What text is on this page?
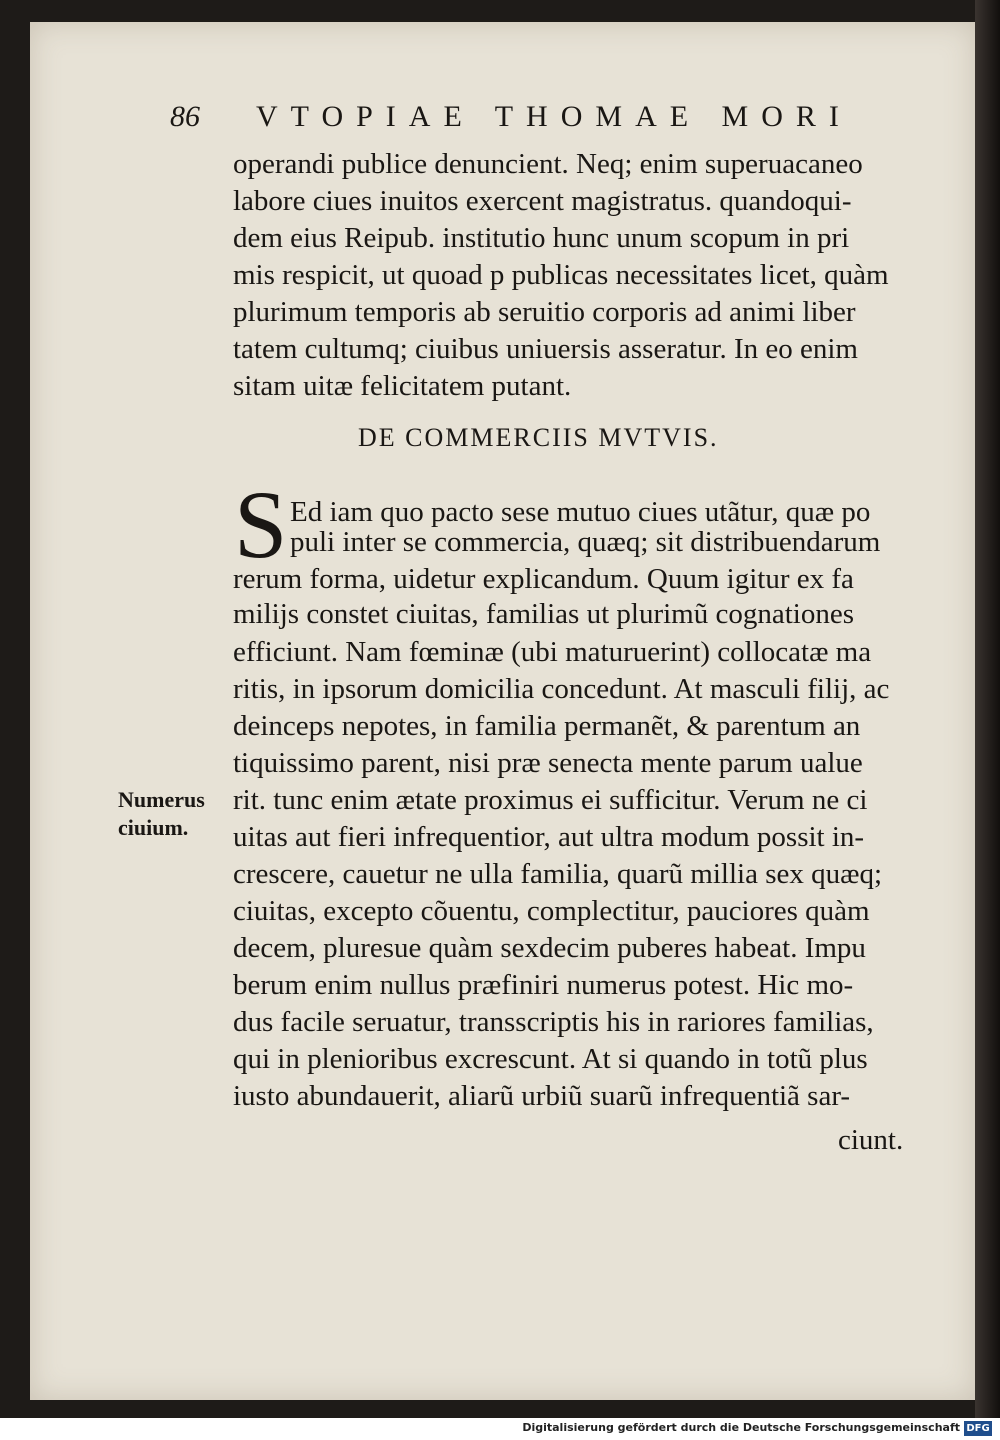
86 VTOPIAE THOMAE MORI
operandi publice denuncient. Neq; enim superuacaneo
labore ciues inuitos exercent magistratus. quandoqui-
dem eius Reipub. institutio hunc unum scopum in pri
mis respicit, ut quoad p publicas necessitates licet, quàm
plurimum temporis ab seruitio corporis ad animi liber
tatem cultumq; ciuibus uniuersis asseratur. In eo enim
sitam uitæ felicitatem putant.
DE COMMERCIIS MVTVIS.
S Ed iam quo pacto sese mutuo ciues utãtur, quæ po
puli inter se commercia, quæq; sit distribuendarum
rerum forma, uidetur explicandum. Quum igitur ex fa
milijs constet ciuitas, familias ut plurimũ cognationes
efficiunt. Nam fœminæ (ubi maturuerint) collocatæ ma
ritis, in ipsorum domicilia concedunt. At masculi filij, ac
deinceps nepotes, in familia permanẽt, & parentum an
tiquissimo parent, nisi præ senecta mente parum ualue
rit. tunc enim ætate proximus ei sufficitur. Verum ne ci
uitas aut fieri infrequentior, aut ultra modum possit in-
crescere, cauetur ne ulla familia, quarũ millia sex quæq;
ciuitas, excepto cõuentu, complectitur, pauciores quàm
decem, pluresue quàm sexdecim puberes habeat. Impu
berum enim nullus præfiniri numerus potest. Hic mo-
dus facile seruatur, transscriptis his in rariores familias,
qui in plenioribus excrescunt. At si quando in totũ plus
iusto abundauerit, aliarũ urbiũ suarũ infrequentiã sar-
ciunt.
Numerus
ciuium.
Digitalisierung gefördert durch die Deutsche Forschungsgemeinschaft DFG
